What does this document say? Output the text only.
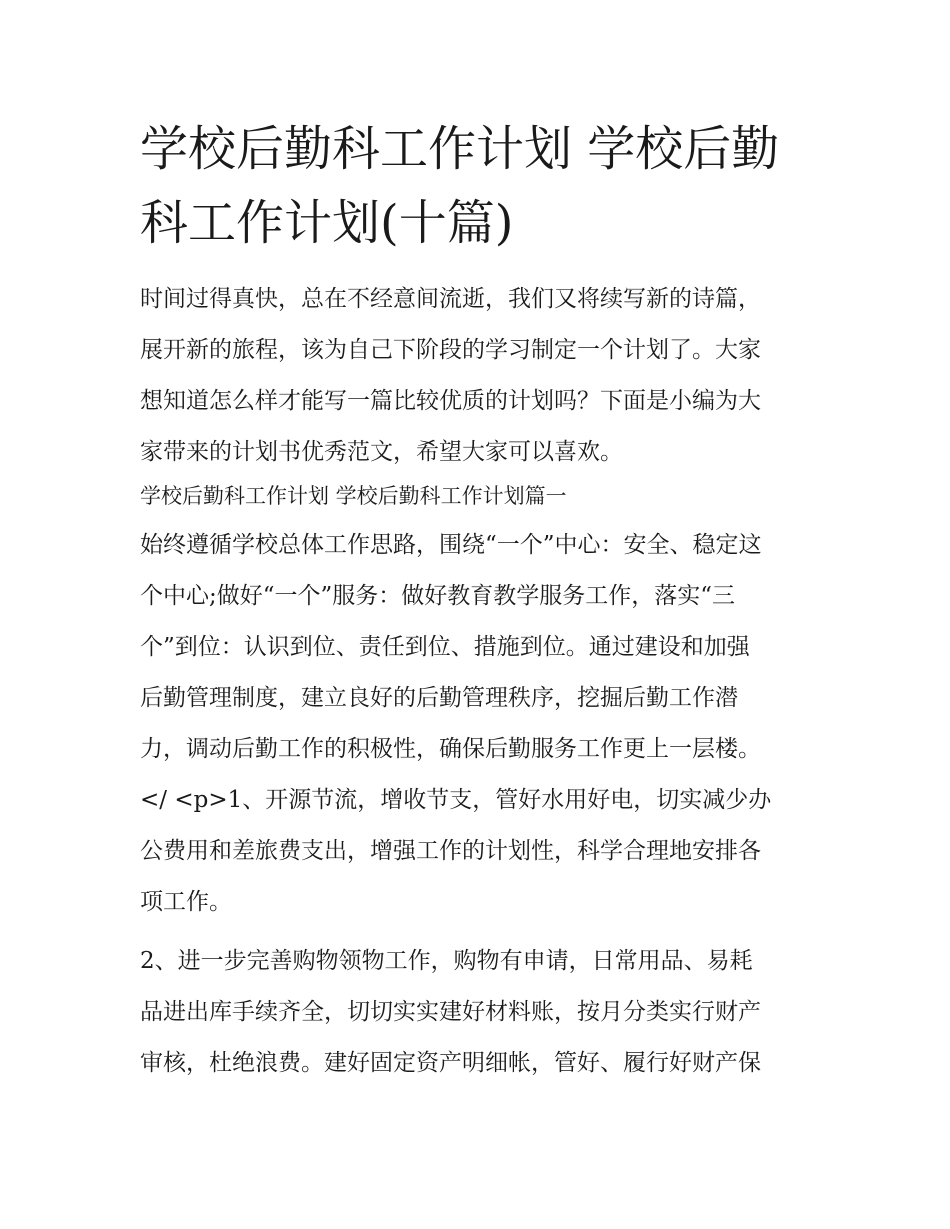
学校后勤科工作计划 学校后勤
科工作计划(十篇)

时间过得真快，总在不经意间流逝，我们又将续写新的诗篇，
展开新的旅程，该为自己下阶段的学习制定一个计划了。大家
想知道怎么样才能写一篇比较优质的计划吗？下面是小编为大
家带来的计划书优秀范文，希望大家可以喜欢。

学校后勤科工作计划 学校后勤科工作计划篇一

始终遵循学校总体工作思路，围绕“一个”中心：安全、稳定这
个中心;做好“一个”服务：做好教育教学服务工作，落实“三
个”到位：认识到位、责任到位、措施到位。通过建设和加强
后勤管理制度，建立良好的后勤管理秩序，挖掘后勤工作潜
力，调动后勤工作的积极性，确保后勤服务工作更上一层楼。
</ <p>1、开源节流，增收节支，管好水用好电，切实减少办
公费用和差旅费支出，增强工作的计划性，科学合理地安排各
项工作。

2、进一步完善购物领物工作，购物有申请，日常用品、易耗
品进出库手续齐全，切切实实建好材料账，按月分类实行财产
审核，杜绝浪费。建好固定资产明细帐，管好、履行好财产保
